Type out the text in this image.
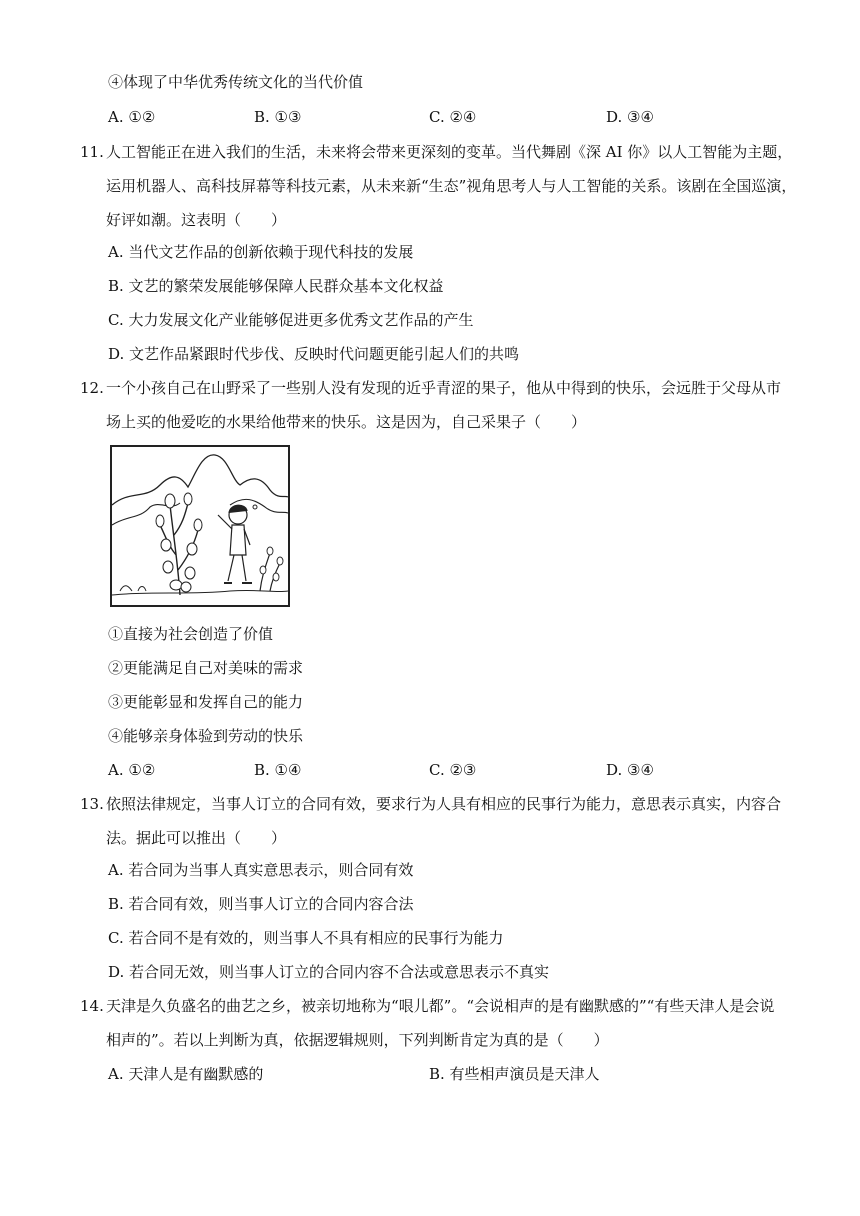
④体现了中华优秀传统文化的当代价值
A. ①②	B. ①③	C. ②④	D. ③④
11. 人工智能正在进入我们的生活，未来将会带来更深刻的变革。当代舞剧《深 AI 你》以人工智能为主题，
运用机器人、高科技屏幕等科技元素，从未来新“生态”视角思考人与人工智能的关系。该剧在全国巡演，
好评如潮。这表明（　　）
A. 当代文艺作品的创新依赖于现代科技的发展
B. 文艺的繁荣发展能够保障人民群众基本文化权益
C. 大力发展文化产业能够促进更多优秀文艺作品的产生
D. 文艺作品紧跟时代步伐、反映时代问题更能引起人们的共鸣
12. 一个小孩自己在山野采了一些别人没有发现的近乎青涩的果子，他从中得到的快乐，会远胜于父母从市
场上买的他爱吃的水果给他带来的快乐。这是因为，自己采果子（　　）
①直接为社会创造了价值
②更能满足自己对美味的需求
③更能彰显和发挥自己的能力
④能够亲身体验到劳动的快乐
A. ①②	B. ①④	C. ②③	D. ③④
13. 依照法律规定，当事人订立的合同有效，要求行为人具有相应的民事行为能力，意思表示真实，内容合
法。据此可以推出（　　）
A. 若合同为当事人真实意思表示，则合同有效
B. 若合同有效，则当事人订立的合同内容合法
C. 若合同不是有效的，则当事人不具有相应的民事行为能力
D. 若合同无效，则当事人订立的合同内容不合法或意思表示不真实
14. 天津是久负盛名的曲艺之乡，被亲切地称为“哏儿都”。“会说相声的是有幽默感的”“有些天津人是会说
相声的”。若以上判断为真，依据逻辑规则，下列判断肯定为真的是（　　）
A. 天津人是有幽默感的	B. 有些相声演员是天津人
